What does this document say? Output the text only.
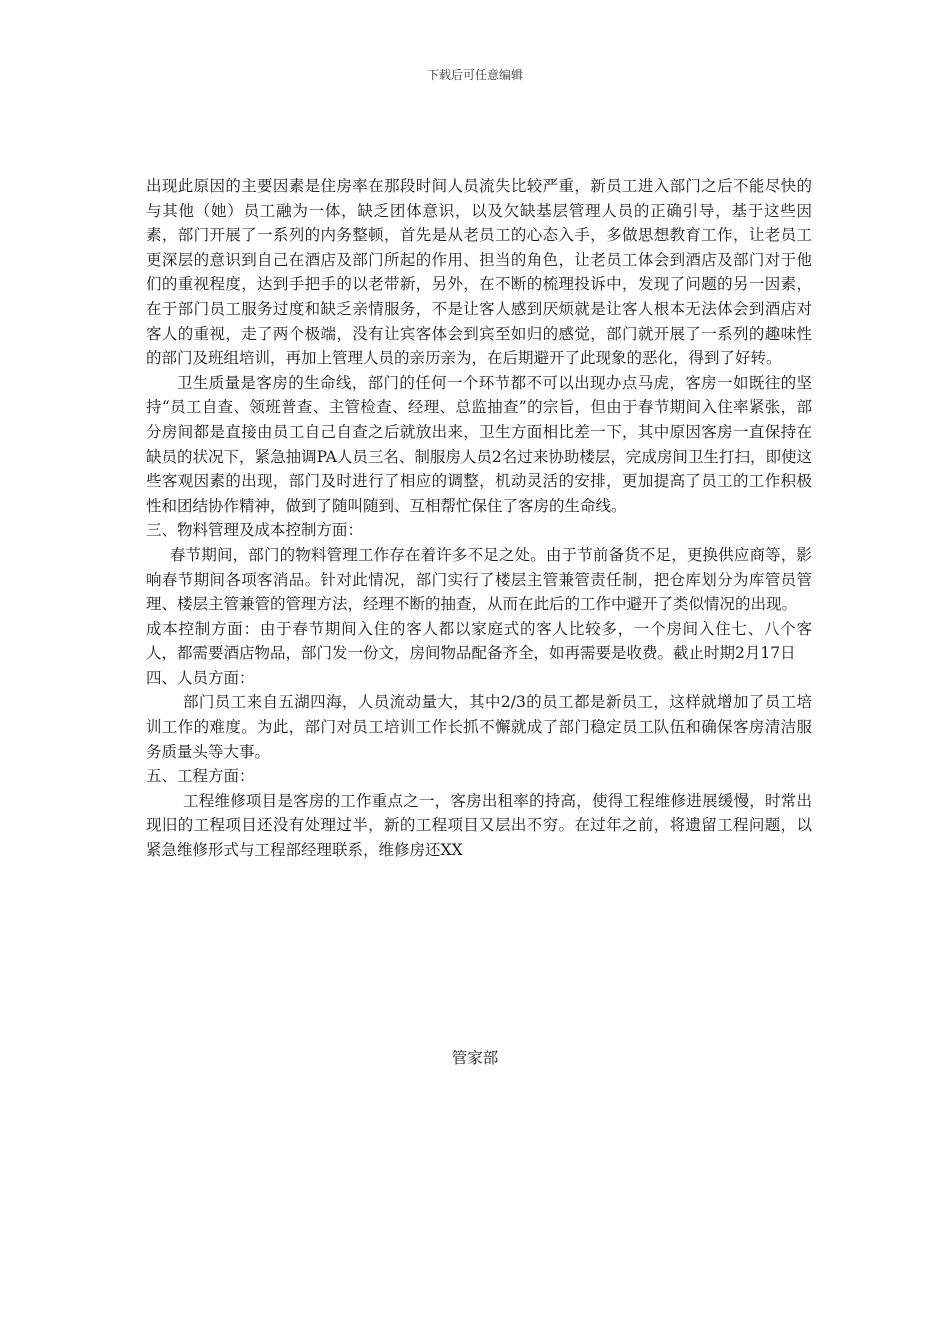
下载后可任意编辑

出现此原因的主要因素是住房率在那段时间人员流失比较严重，新员工进入部门之后不能尽快的与其他（她）员工融为一体，缺乏团体意识，以及欠缺基层管理人员的正确引导，基于这些因素，部门开展了一系列的内务整顿，首先是从老员工的心态入手，多做思想教育工作，让老员工更深层的意识到自己在酒店及部门所起的作用、担当的角色，让老员工体会到酒店及部门对于他们的重视程度，达到手把手的以老带新，另外，在不断的梳理投诉中，发现了问题的另一因素，在于部门员工服务过度和缺乏亲情服务，不是让客人感到厌烦就是让客人根本无法体会到酒店对客人的重视，走了两个极端，没有让宾客体会到宾至如归的感觉，部门就开展了一系列的趣味性的部门及班组培训，再加上管理人员的亲历亲为，在后期避开了此现象的恶化，得到了好转。

卫生质量是客房的生命线，部门的任何一个环节都不可以出现办点马虎，客房一如既往的坚持“员工自查、领班普查、主管检查、经理、总监抽查”的宗旨，但由于春节期间入住率紧张，部分房间都是直接由员工自己自查之后就放出来，卫生方面相比差一下，其中原因客房一直保持在缺员的状况下，紧急抽调PA人员三名、制服房人员2名过来协助楼层，完成房间卫生打扫，即使这些客观因素的出现，部门及时进行了相应的调整，机动灵活的安排，更加提高了员工的工作积极性和团结协作精神，做到了随叫随到、互相帮忙保住了客房的生命线。

三、物料管理及成本控制方面：

春节期间，部门的物料管理工作存在着许多不足之处。由于节前备货不足，更换供应商等，影响春节期间各项客消品。针对此情况，部门实行了楼层主管兼管责任制，把仓库划分为库管员管理、楼层主管兼管的管理方法，经理不断的抽查，从而在此后的工作中避开了类似情况的出现。

成本控制方面：由于春节期间入住的客人都以家庭式的客人比较多，一个房间入住七、八个客人，都需要酒店物品，部门发一份文，房间物品配备齐全，如再需要是收费。截止时期2月17日

四、人员方面：

部门员工来自五湖四海，人员流动量大，其中2/3的员工都是新员工，这样就增加了员工培训工作的难度。为此，部门对员工培训工作长抓不懈就成了部门稳定员工队伍和确保客房清洁服务质量头等大事。

五、工程方面：

工程维修项目是客房的工作重点之一，客房出租率的持高，使得工程维修进展缓慢，时常出现旧的工程项目还没有处理过半，新的工程项目又层出不穷。在过年之前，将遗留工程问题，以紧急维修形式与工程部经理联系，维修房还XX

管家部
